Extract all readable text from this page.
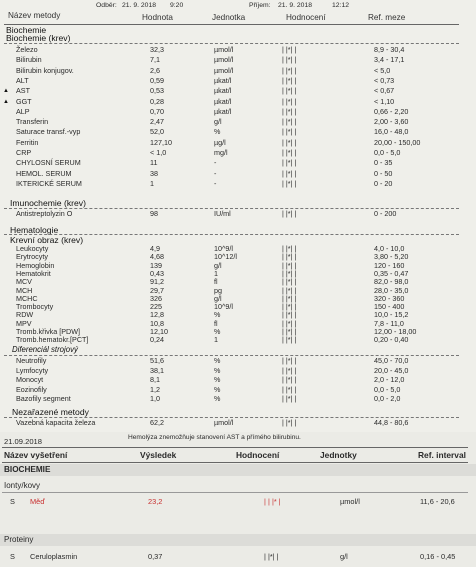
Odběr: 21. 9. 2018 9:20	Příjem: 21. 9. 2018	12:12
Název metody	Hodnota	Jednotka	Hodnocení	Ref. meze
Biochemie
Biochemie (krev)
Železo	32,3	µmol/l	| |*| |	8,9 - 30,4
Bilirubin	7,1	µmol/l	| |*| |	3,4 - 17,1
Bilirubin konjugov.	2,6	µmol/l	| |*| |	< 5,0
ALT	0,59	µkat/l	| |*| |	< 0,73
▲ AST	0,53	µkat/l	| |*| |	< 0,67
▲ GGT	0,28	µkat/l	| |*| |	< 1,10
ALP	0,70	µkat/l	| |*| |	0,66 - 2,20
Transferin	2,47	g/l	| |*| |	2,00 - 3,60
Saturace transf.-vyp	52,0	%	| |*| |	16,0 - 48,0
Ferritin	127,10	µg/l	| |*| |	20,00 - 150,00
CRP	< 1,0	mg/l	| |*| |	0,0 - 5,0
CHYLOSNÍ SERUM	11	-	| |*| |	0 - 35
HEMOL. SERUM	38	-	| |*| |	0 - 50
IKTERICKÉ SERUM	1	-	| |*| |	0 - 20
Imunochemie (krev)
Antistreptolyzin O	98	IU/ml	| |*| |	0 - 200
Hematologie
Krevní obraz (krev)
Leukocyty	4,9	10^9/l	| |*| |	4,0 - 10,0
Erytrocyty	4,68	10^12/l	| |*| |	3,80 - 5,20
Hemoglobin	139	g/l	| |*| |	120 - 160
Hematokrit	0,43	1	| |*| |	0,35 - 0,47
MCV	91,2	fl	| |*| |	82,0 - 98,0
MCH	29,7	pg	| |*| |	28,0 - 35,0
MCHC	326	g/l	| |*| |	320 - 360
Trombocyty	225	10^9/l	| |*| |	150 - 400
RDW	12,8	%	| |*| |	10,0 - 15,2
MPV	10,8	fl	| |*| |	7,8 - 11,0
Tromb.křivka [PDW]	12,10	%	| |*| |	12,00 - 18,00
Tromb.hematokr.[PCT]	0,24	1	| |*| |	0,20 - 0,40
Diferenciál strojový
Neutrofily	51,6	%	| |*| |	45,0 - 70,0
Lymfocyty	38,1	%	| |*| |	20,0 - 45,0
Monocyt	8,1	%	| |*| |	2,0 - 12,0
Eozinofily	1,2	%	| |*| |	0,0 - 5,0
Bazofily segment	1,0	%	| |*| |	0,0 - 2,0
Nezařazené metody
Vazebná kapacita železa	62,2	µmol/l	| |*| |	44,8 - 80,6
21.09.2018	Hemolýza znemožňuje stanovení AST a přímého bilirubinu.
Název vyšetření	Výsledek	Hodnocení	Jednotky	Ref. interval
BIOCHEMIE
Ionty/kovy
S Měď	23,2	| | |* |	µmol/l	11,6 - 20,6
Proteiny
S Ceruloplasmin	0,37	| |*| |	g/l	0,16 - 0,45
